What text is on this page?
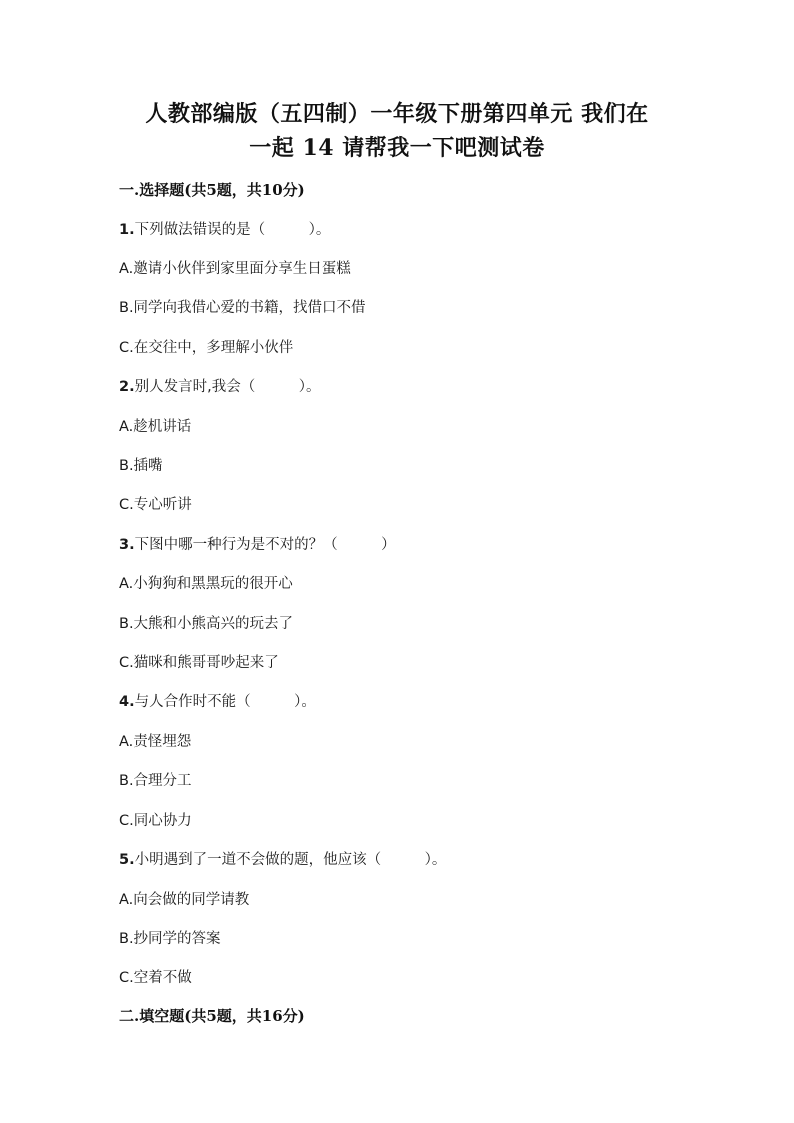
人教部编版（五四制）一年级下册第四单元 我们在
一起 14 请帮我一下吧测试卷
一.选择题(共5题，共10分)
1.下列做法错误的是（　　　）。
A.邀请小伙伴到家里面分享生日蛋糕
B.同学向我借心爱的书籍，找借口不借
C.在交往中，多理解小伙伴
2.别人发言时,我会（　　　）。
A.趁机讲话
B.插嘴
C.专心听讲
3.下图中哪一种行为是不对的？（　　　）
A.小狗狗和黑黑玩的很开心
B.大熊和小熊高兴的玩去了
C.猫咪和熊哥哥吵起来了
4.与人合作时不能（　　　）。
A.责怪埋怨
B.合理分工
C.同心协力
5.小明遇到了一道不会做的题，他应该（　　　）。
A.向会做的同学请教
B.抄同学的答案
C.空着不做
二.填空题(共5题，共16分)
